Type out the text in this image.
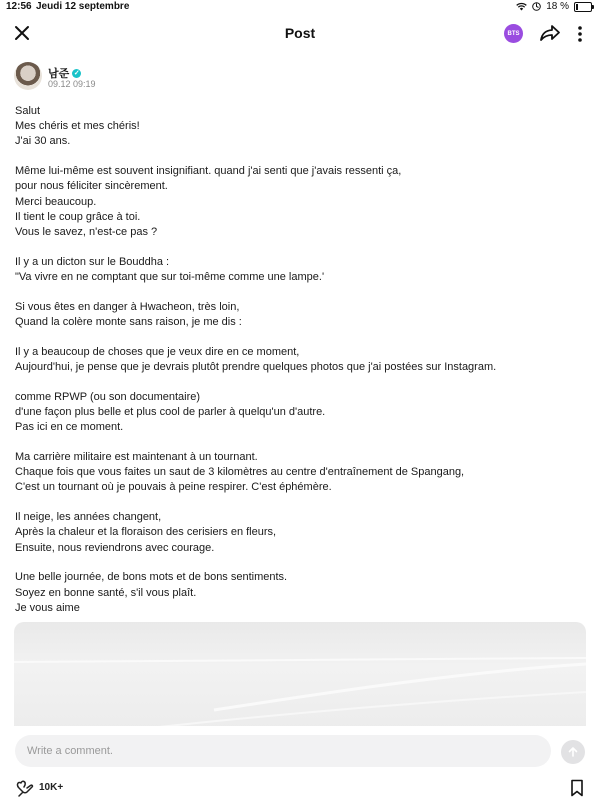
12:56 Jeudi 12 septembre	18 %
Post	BTS
남준 ✓
09.12 09:19
Salut
Mes chéris et mes chéris!
J'ai 30 ans.
Même lui-même est souvent insignifiant. quand j'ai senti que j'avais ressenti ça,
pour nous féliciter sincèrement.
Merci beaucoup.
Il tient le coup grâce à toi.
Vous le savez, n'est-ce pas ?
Il y a un dicton sur le Bouddha :
"Va vivre en ne comptant que sur toi-même comme une lampe.'
Si vous êtes en danger à Hwacheon, très loin,
Quand la colère monte sans raison, je me dis :
Il y a beaucoup de choses que je veux dire en ce moment,
Aujourd'hui, je pense que je devrais plutôt prendre quelques photos que j'ai postées sur Instagram.
comme RPWP (ou son documentaire)
d'une façon plus belle et plus cool de parler à quelqu'un d'autre.
Pas ici en ce moment.
Ma carrière militaire est maintenant à un tournant.
Chaque fois que vous faites un saut de 3 kilomètres au centre d'entraînement de Spangang,
C'est un tournant où je pouvais à peine respirer. C'est éphémère.
Il neige, les années changent,
Après la chaleur et la floraison des cerisiers en fleurs,
Ensuite, nous reviendrons avec courage.
Une belle journée, de bons mots et de bons sentiments.
Soyez en bonne santé, s'il vous plaît.
Je vous aime
Write a comment.
10K+
